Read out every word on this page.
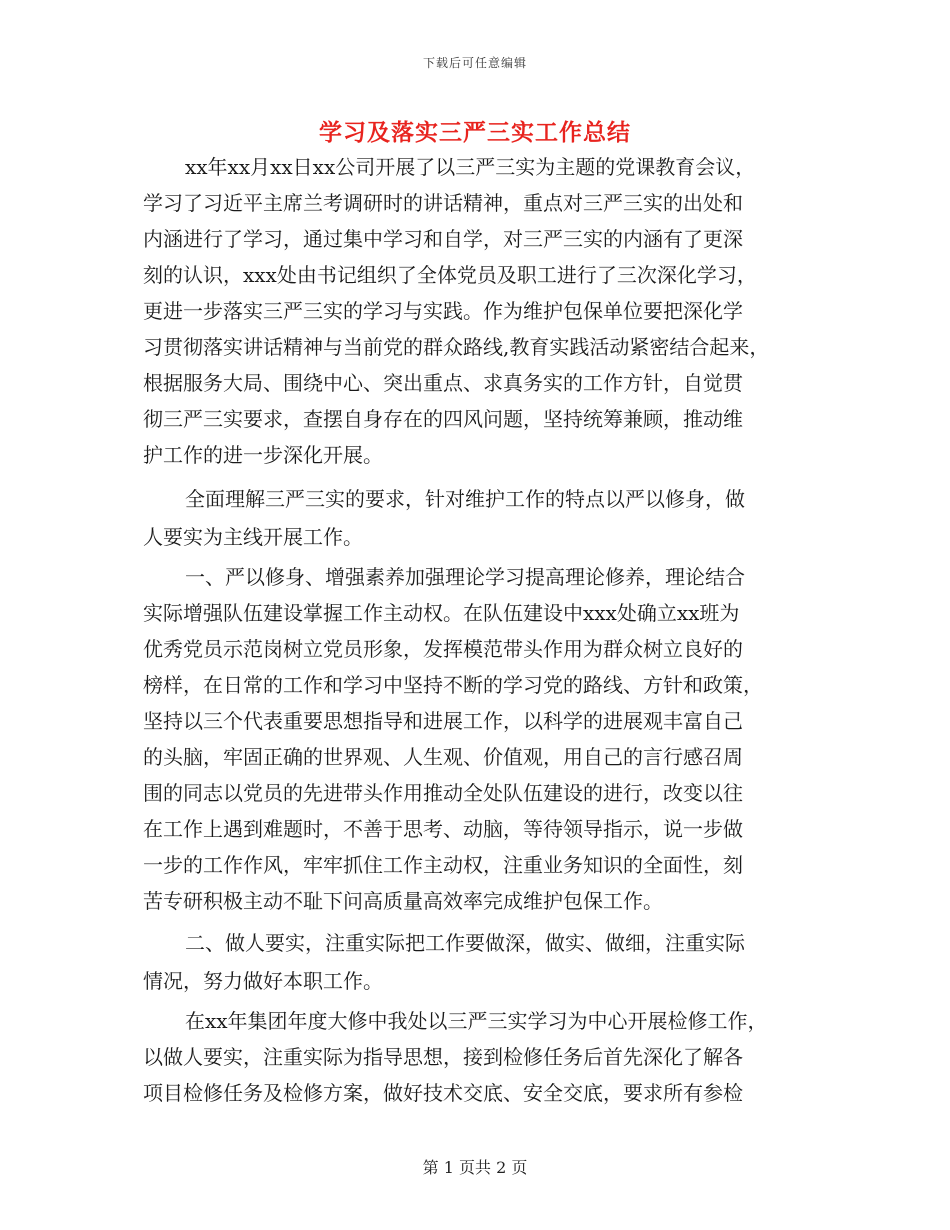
下载后可任意编辑
学习及落实三严三实工作总结
xx年xx月xx日xx公司开展了以三严三实为主题的党课教育会议，
学习了习近平主席兰考调研时的讲话精神，重点对三严三实的出处和
内涵进行了学习，通过集中学习和自学，对三严三实的内涵有了更深
刻的认识，xxx处由书记组织了全体党员及职工进行了三次深化学习，
更进一步落实三严三实的学习与实践。作为维护包保单位要把深化学
习贯彻落实讲话精神与当前党的群众路线,教育实践活动紧密结合起来，
根据服务大局、围绕中心、突出重点、求真务实的工作方针，自觉贯
彻三严三实要求，查摆自身存在的四风问题，坚持统筹兼顾，推动维
护工作的进一步深化开展。
全面理解三严三实的要求，针对维护工作的特点以严以修身，做
人要实为主线开展工作。
一、严以修身、增强素养加强理论学习提高理论修养，理论结合
实际增强队伍建设掌握工作主动权。在队伍建设中xxx处确立xx班为
优秀党员示范岗树立党员形象，发挥模范带头作用为群众树立良好的
榜样，在日常的工作和学习中坚持不断的学习党的路线、方针和政策，
坚持以三个代表重要思想指导和进展工作，以科学的进展观丰富自己
的头脑，牢固正确的世界观、人生观、价值观，用自己的言行感召周
围的同志以党员的先进带头作用推动全处队伍建设的进行，改变以往
在工作上遇到难题时，不善于思考、动脑，等待领导指示，说一步做
一步的工作作风，牢牢抓住工作主动权，注重业务知识的全面性，刻
苦专研积极主动不耻下问高质量高效率完成维护包保工作。
二、做人要实，注重实际把工作要做深，做实、做细，注重实际
情况，努力做好本职工作。
在xx年集团年度大修中我处以三严三实学习为中心开展检修工作，
以做人要实，注重实际为指导思想，接到检修任务后首先深化了解各
项目检修任务及检修方案，做好技术交底、安全交底，要求所有参检
第 1 页共 2 页
